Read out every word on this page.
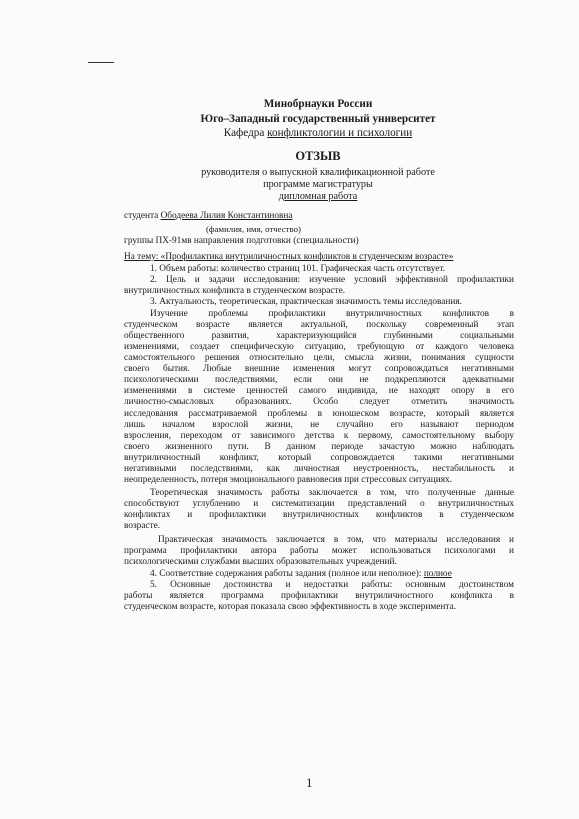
Минобрнауки России
Юго–Западный государственный университет
Кафедра конфликтологии и психологии
ОТЗЫВ
руководителя о выпускной квалификационной работе
программе магистратуры
дипломная работа
студента Ободеева Лилия Константиновна
(фамилия, имя, отчество)
группы ПХ-91мв направления подготовки (специальности)
На тему: «Профилактика внутриличностных конфликтов в студенческом возрасте»
1. Объем работы: количество страниц 101. Графическая часть отсутствует.
2. Цель и задачи исследования: изучение условий эффективной профилактики
внутриличностных конфликта в студенческом возрасте.
3. Актуальность, теоретическая, практическая значимость темы исследования.
Изучение проблемы профилактики внутриличностных конфликтов в
студенческом возрасте является актуальной, поскольку современный этап
общественного развития, характеризующийся глубинными социальными
изменениями, создает специфическую ситуацию, требующую от каждого человека
самостоятельного решения относительно цели, смысла жизни, понимания сущности
своего бытия. Любые внешние изменения могут сопровождаться негативными
психологическими последствиями, если они не подкрепляются адекватными
изменениями в системе ценностей самого индивида, не находят опору в его
личностно-смысловых образованиях. Особо следует отметить значимость
исследования рассматриваемой проблемы в юношеском возрасте, который является
лишь началом взрослой жизни, не случайно его называют периодом
взросления, переходом от зависимого детства к первому, самостоятельному выбору
своего жизненного пути. В данном периоде зачастую можно наблюдать
внутриличностный конфликт, который сопровождается такими негативными
негативными последствиями, как личностная неустроенность, нестабильность и
неопределенность, потеря эмоционального равновесия при стрессовых ситуациях.
Теоретическая значимость работы заключается в том, что полученные данные
способствуют углублению и систематизации представлений о внутриличностных
конфликтах и профилактики внутриличностных конфликтов в студенческом
возрасте.
Практическая значимость заключается в том, что материалы исследования и
программа профилактики автора работы может использоваться психологами и
психологическими службами высших образовательных учреждений.
4. Соответствие содержания работы задания (полное или неполное): полное
5. Основные достоинства и недостатки работы: основным достоинством
работы является программа профилактики внутриличностного конфликта в
студенческом возрасте, которая показала свою эффективность в ходе эксперимента.
1
